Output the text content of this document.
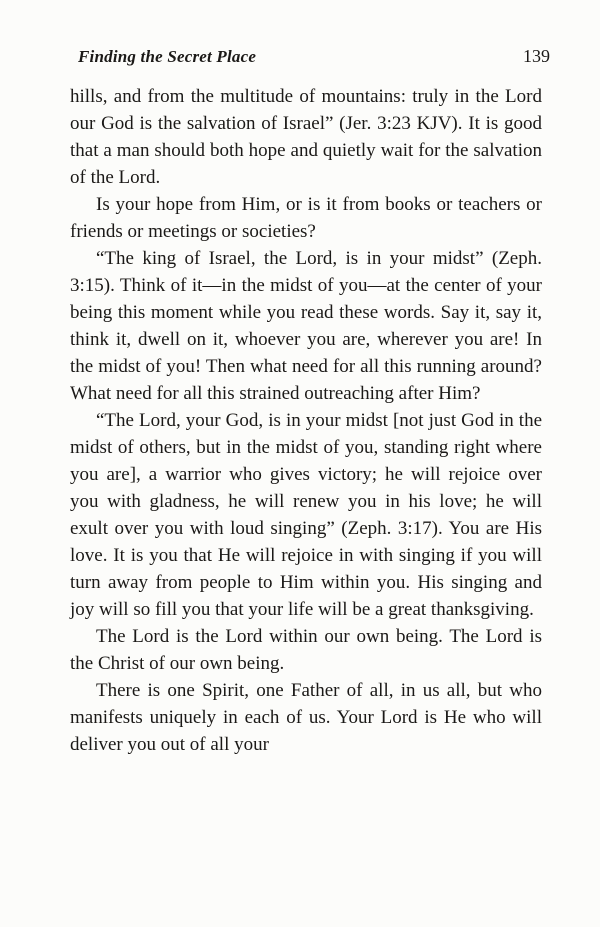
Finding the Secret Place	139

hills, and from the multitude of mountains: truly in the Lord our God is the salvation of Israel” (Jer. 3:23 KJV). It is good that a man should both hope and quietly wait for the salvation of the Lord.

Is your hope from Him, or is it from books or teachers or friends or meetings or societies?

“The king of Israel, the Lord, is in your midst” (Zeph. 3:15). Think of it—in the midst of you—at the center of your being this moment while you read these words. Say it, say it, think it, dwell on it, whoever you are, wherever you are! In the midst of you! Then what need for all this running around? What need for all this strained outreaching after Him?

“The Lord, your God, is in your midst [not just God in the midst of others, but in the midst of you, standing right where you are], a warrior who gives victory; he will rejoice over you with gladness, he will renew you in his love; he will exult over you with loud singing” (Zeph. 3:17). You are His love. It is you that He will rejoice in with singing if you will turn away from people to Him within you. His singing and joy will so fill you that your life will be a great thanksgiving.

The Lord is the Lord within our own being. The Lord is the Christ of our own being.

There is one Spirit, one Father of all, in us all, but who manifests uniquely in each of us. Your Lord is He who will deliver you out of all your
